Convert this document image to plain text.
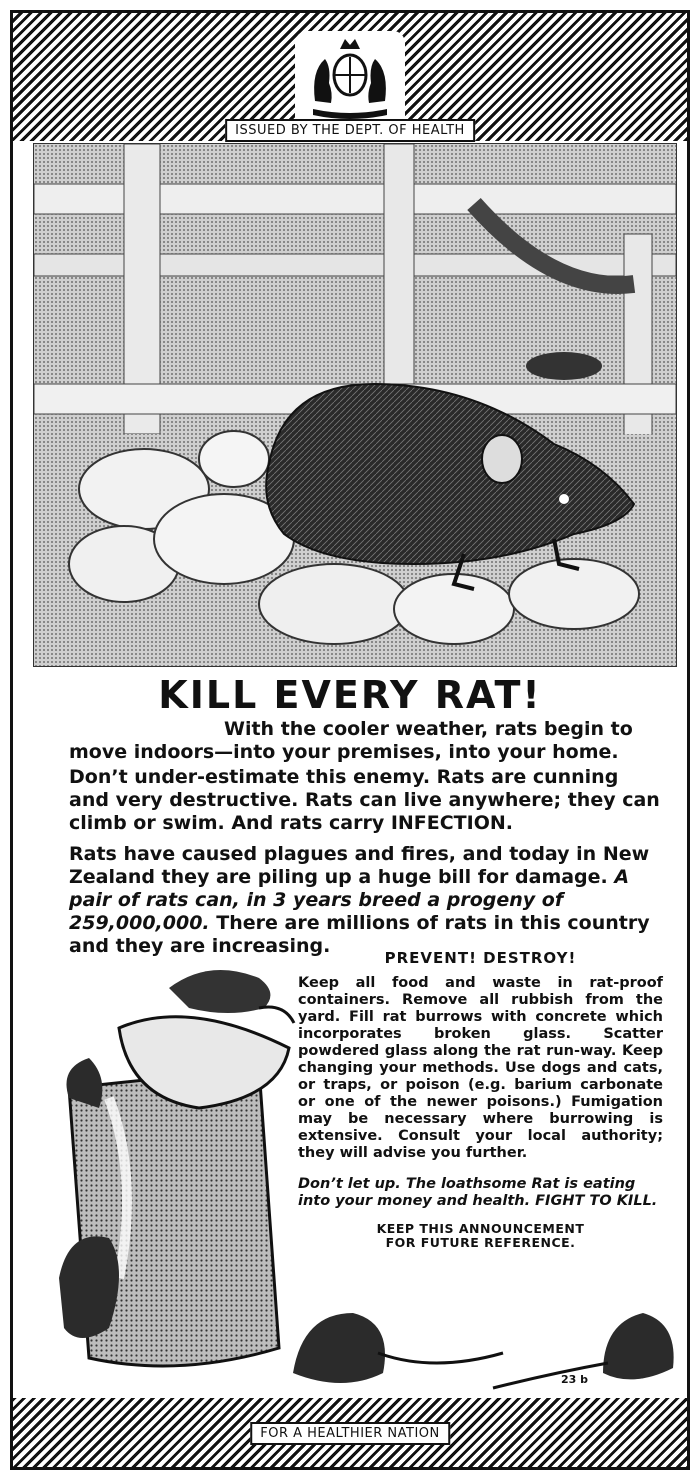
ISSUED BY THE DEPT. OF HEALTH
KILL EVERY RAT!
With the cooler weather, rats begin to move indoors—into your premises, into your home.
Don’t under-estimate this enemy. Rats are cunning and very destructive. Rats can live anywhere; they can climb or swim. And rats carry INFECTION.
Rats have caused plagues and fires, and today in New Zealand they are piling up a huge bill for damage. A pair of rats can, in 3 years breed a progeny of 259,000,000. There are millions of rats in this country and they are increasing.
PREVENT! DESTROY!
Keep all food and waste in rat-proof containers. Remove all rubbish from the yard. Fill rat burrows with concrete which incorporates broken glass. Scatter powdered glass along the rat run-way. Keep changing your methods. Use dogs and cats, or traps, or poison (e.g. barium carbonate or one of the newer poisons.) Fumigation may be necessary where burrowing is extensive. Consult your local authority; they will advise you further.
Don’t let up. The loathsome Rat is eating into your money and health. FIGHT TO KILL.
KEEP THIS ANNOUNCEMENT
FOR FUTURE REFERENCE.
23 b
FOR A HEALTHIER NATION
